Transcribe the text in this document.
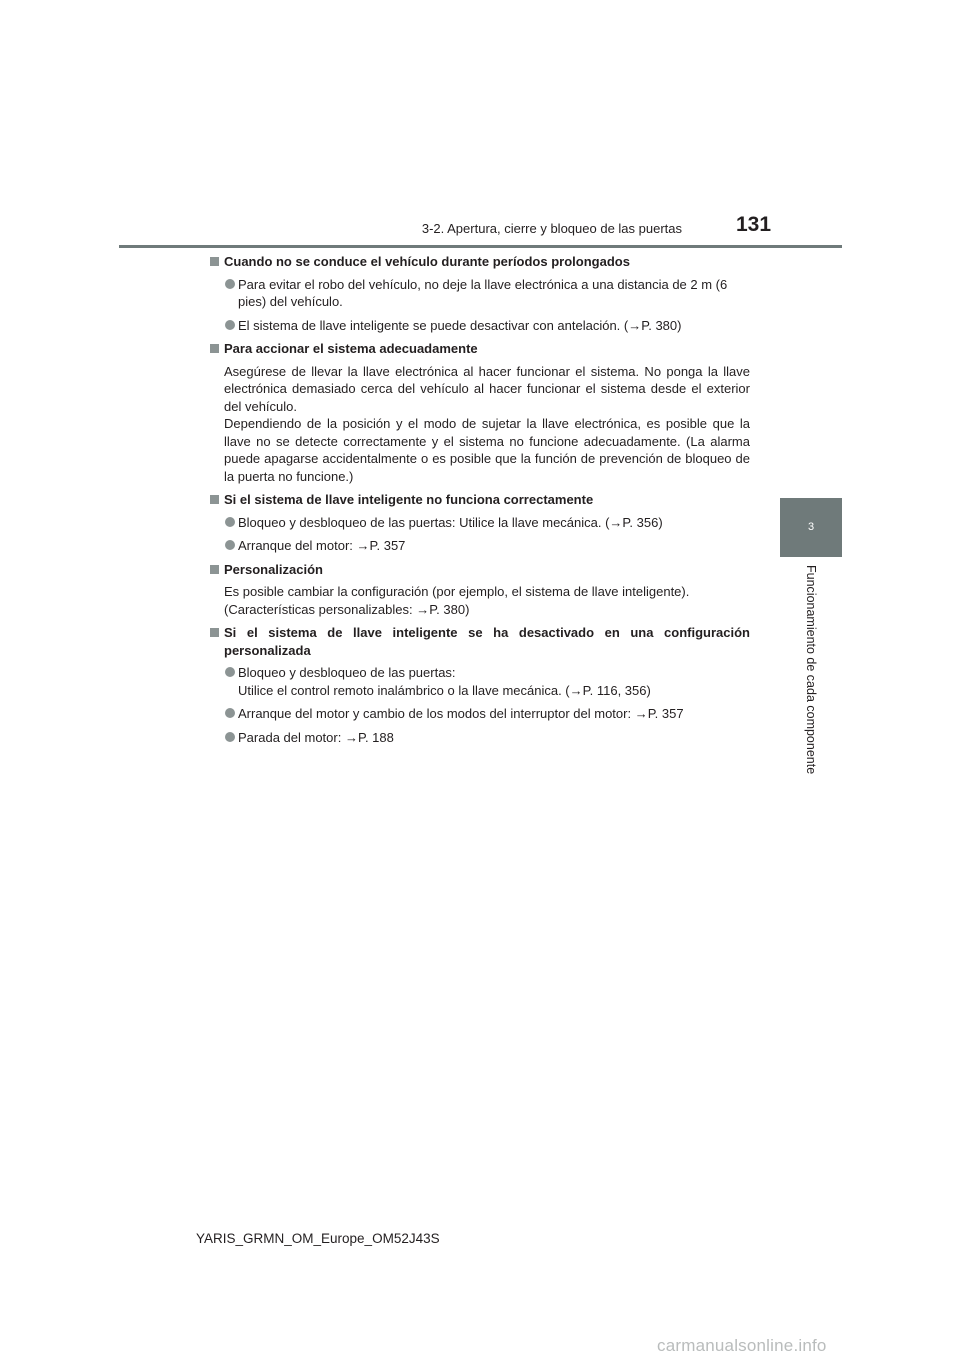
3-2. Apertura, cierre y bloqueo de las puertas	131
3
Funcionamiento de cada componente
Cuando no se conduce el vehículo durante períodos prolongados
Para evitar el robo del vehículo, no deje la llave electrónica a una distancia de 2 m (6
pies) del vehículo.
El sistema de llave inteligente se puede desactivar con antelación. (→P. 380)
Para accionar el sistema adecuadamente
Asegúrese de llevar la llave electrónica al hacer funcionar el sistema. No ponga la llave electrónica demasiado cerca del vehículo al hacer funcionar el sistema desde el exterior del vehículo.
Dependiendo de la posición y el modo de sujetar la llave electrónica, es posible que la llave no se detecte correctamente y el sistema no funcione adecuadamente. (La alarma puede apagarse accidentalmente o es posible que la función de prevención de bloqueo de la puerta no funcione.)
Si el sistema de llave inteligente no funciona correctamente
Bloqueo y desbloqueo de las puertas: Utilice la llave mecánica. (→P. 356)
Arranque del motor: →P. 357
Personalización
Es posible cambiar la configuración (por ejemplo, el sistema de llave inteligente).
(Características personalizables: →P. 380)
Si el sistema de llave inteligente se ha desactivado en una configuración
personalizada
Bloqueo y desbloqueo de las puertas:
Utilice el control remoto inalámbrico o la llave mecánica. (→P. 116, 356)
Arranque del motor y cambio de los modos del interruptor del motor: →P. 357
Parada del motor: →P. 188
YARIS_GRMN_OM_Europe_OM52J43S
carmanualsonline.info
